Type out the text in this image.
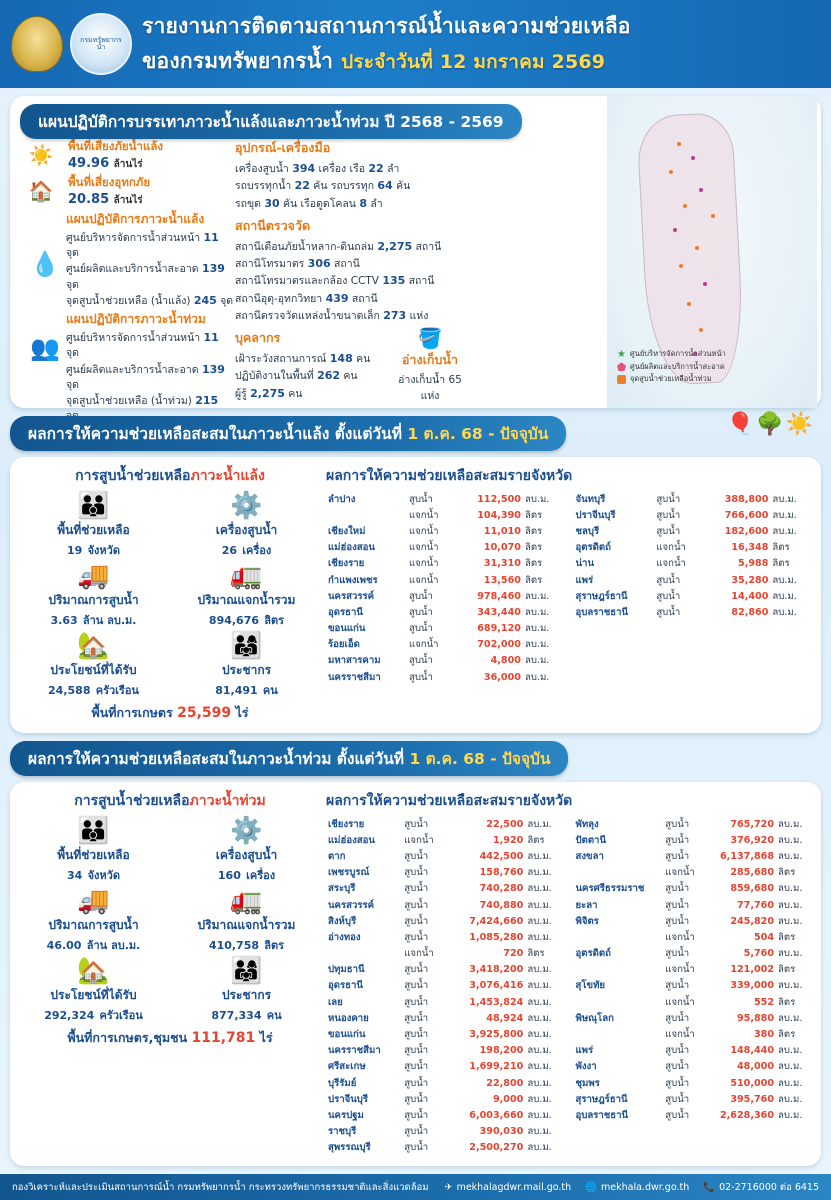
กรมทรัพยากรน้ำ
รายงานการติดตามสถานการณ์น้ำและความช่วยเหลือ
ของกรมทรัพยากรน้ำ ประจำวันที่ 12 มกราคม 2569
แผนปฏิบัติการบรรเทาภาวะน้ำแล้งและภาวะน้ำท่วม ปี 2568 - 2569
★ ศูนย์บริหารจัดการน้ำส่วนหน้า
ศูนย์ผลิตและบริการน้ำสะอาด
จุดสูบน้ำช่วยเหลือน้ำท่วม
☀️	พื้นที่เสี่ยงภัยน้ำแล้ง
49.96 ล้านไร่
🏠	พื้นที่เสี่ยงอุทกภัย
20.85 ล้านไร่
แผนปฏิบัติการภาวะน้ำแล้ง
ศูนย์บริหารจัดการน้ำส่วนหน้า 11 จุด
ศูนย์ผลิตและบริการน้ำสะอาด 139 จุด
จุดสูบน้ำช่วยเหลือ (น้ำแล้ง) 245 จุด
แผนปฏิบัติการภาวะน้ำท่วม
ศูนย์บริหารจัดการน้ำส่วนหน้า 11 จุด
ศูนย์ผลิตและบริการน้ำสะอาด 139 จุด
จุดสูบน้ำช่วยเหลือ (น้ำท่วม) 215
💧
👥
อุปกรณ์-เครื่องมือ
เครื่องสูบน้ำ 394 เครื่อง เรือ 22 ลำ
รถบรรทุกน้ำ 22 คัน รถบรรทุก 64 คัน
รถขุด 30 คัน เรือดูดโคลน 8 ลำ
สถานีตรวจวัด
สถานีเตือนภัยน้ำหลาก-ดินถล่ม 2,275 สถานี
สถานีโทรมาตร 306 สถานี
สถานีโทรมาตรและกล้อง CCTV 135 สถานี
สถานีอุตุ-อุทกวิทยา 439 สถานี
สถานีตรวจวัดแหล่งน้ำขนาดเล็ก 273 แห่ง
บุคลากร
เฝ้าระวังสถานการณ์ 148 คน
ปฏิบัติงานในพื้นที่ 262 คน
ผู้รู้ 2,275 คน
🪣
อ่างเก็บน้ำ
อ่างเก็บน้ำ 65 แห่ง
ผลการให้ความช่วยเหลือสะสมในภาวะน้ำแล้ง ตั้งแต่วันที่ 1 ต.ค. 68 - ปัจจุบัน	🎈🌳☀️
การสูบน้ำช่วยเหลือภาวะน้ำแล้ง
👪
พื้นที่ช่วยเหลือ
19 จังหวัด
⚙️
เครื่องสูบน้ำ
26 เครื่อง
🚚
ปริมาณการสูบน้ำ
3.63 ล้าน ลบ.ม.
🚛
ปริมาณแจกน้ำรวม
894,676 ลิตร
🏡
ประโยชน์ที่ได้รับ
24,588 ครัวเรือน
👨‍👩‍👧
ประชากร
81,491 คน
พื้นที่การเกษตร 25,599 ไร่
ผลการให้ความช่วยเหลือสะสมรายจังหวัด
ลำปาง	สูบน้ำ	112,500	ลบ.ม.
	แจกน้ำ	104,390	ลิตร
เชียงใหม่	แจกน้ำ	11,010	ลิตร
แม่ฮ่องสอน	แจกน้ำ	10,070	ลิตร
เชียงราย	แจกน้ำ	31,310	ลิตร
กำแพงเพชร	แจกน้ำ	13,560	ลิตร
นครสวรรค์	สูบน้ำ	978,460	ลบ.ม.
อุดรธานี	สูบน้ำ	343,440	ลบ.ม.
ขอนแก่น	สูบน้ำ	689,120	ลบ.ม.
ร้อยเอ็ด	แจกน้ำ	702,000	ลบ.ม.
มหาสารคาม	สูบน้ำ	4,800	ลบ.ม.
นครราชสีมา	สูบน้ำ	36,000	ลบ.ม.
จันทบุรี	สูบน้ำ	388,800	ลบ.ม.
ปราจีนบุรี	สูบน้ำ	766,600	ลบ.ม.
ชลบุรี	สูบน้ำ	182,600	ลบ.ม.
อุตรดิตถ์	แจกน้ำ	16,348	ลิตร
น่าน	แจกน้ำ	5,988	ลิตร
แพร่	สูบน้ำ	35,280	ลบ.ม.
สุราษฎร์ธานี	สูบน้ำ	14,400	ลบ.ม.
อุบลราชธานี	สูบน้ำ	82,860	ลบ.ม.
ผลการให้ความช่วยเหลือสะสมในภาวะน้ำท่วม ตั้งแต่วันที่ 1 ต.ค. 68 - ปัจจุบัน
การสูบน้ำช่วยเหลือภาวะน้ำท่วม
👪
พื้นที่ช่วยเหลือ
34 จังหวัด
⚙️
เครื่องสูบน้ำ
160 เครื่อง
🚚
ปริมาณการสูบน้ำ
46.00 ล้าน ลบ.ม.
🚛
ปริมาณแจกน้ำรวม
410,758 ลิตร
🏡
ประโยชน์ที่ได้รับ
292,324 ครัวเรือน
👨‍👩‍👧
ประชากร
877,334 คน
พื้นที่การเกษตร,ชุมชน 111,781 ไร่
ผลการให้ความช่วยเหลือสะสมรายจังหวัด
เชียงราย	สูบน้ำ	22,500	ลบ.ม.
แม่ฮ่องสอน	แจกน้ำ	1,920	ลิตร
ตาก	สูบน้ำ	442,500	ลบ.ม.
เพชรบูรณ์	สูบน้ำ	158,760	ลบ.ม.
สระบุรี	สูบน้ำ	740,280	ลบ.ม.
นครสวรรค์	สูบน้ำ	740,880	ลบ.ม.
สิงห์บุรี	สูบน้ำ	7,424,660	ลบ.ม.
อ่างทอง	สูบน้ำ	1,085,280	ลบ.ม.
	แจกน้ำ	720	ลิตร
ปทุมธานี	สูบน้ำ	3,418,200	ลบ.ม.
อุดรธานี	สูบน้ำ	3,076,416	ลบ.ม.
เลย	สูบน้ำ	1,453,824	ลบ.ม.
หนองคาย	สูบน้ำ	48,924	ลบ.ม.
ขอนแก่น	สูบน้ำ	3,925,800	ลบ.ม.
นครราชสีมา	สูบน้ำ	198,200	ลบ.ม.
ศรีสะเกษ	สูบน้ำ	1,699,210	ลบ.ม.
บุรีรัมย์	สูบน้ำ	22,800	ลบ.ม.
ปราจีนบุรี	สูบน้ำ	9,000	ลบ.ม.
นครปฐม	สูบน้ำ	6,003,660	ลบ.ม.
ราชบุรี	สูบน้ำ	390,030	ลบ.ม.
สุพรรณบุรี	สูบน้ำ	2,500,270	ลบ.ม.
พัทลุง	สูบน้ำ	765,720	ลบ.ม.
ปัตตานี	สูบน้ำ	376,920	ลบ.ม.
สงขลา	สูบน้ำ	6,137,868	ลบ.ม.
	แจกน้ำ	285,680	ลิตร
นครศรีธรรมราช	สูบน้ำ	859,680	ลบ.ม.
ยะลา	สูบน้ำ	77,760	ลบ.ม.
พิจิตร	สูบน้ำ	245,820	ลบ.ม.
	แจกน้ำ	504	ลิตร
อุตรดิตถ์	สูบน้ำ	5,760	ลบ.ม.
	แจกน้ำ	121,002	ลิตร
สุโขทัย	สูบน้ำ	339,000	ลบ.ม.
	แจกน้ำ	552	ลิตร
พิษณุโลก	สูบน้ำ	95,880	ลบ.ม.
	แจกน้ำ	380	ลิตร
แพร่	สูบน้ำ	148,440	ลบ.ม.
พังงา	สูบน้ำ	48,000	ลบ.ม.
ชุมพร	สูบน้ำ	510,000	ลบ.ม.
สุราษฎร์ธานี	สูบน้ำ	395,760	ลบ.ม.
อุบลราชธานี	สูบน้ำ	2,628,360	ลบ.ม.
กองวิเคราะห์และประเมินสถานการณ์น้ำ กรมทรัพยากรน้ำ กระทรวงทรัพยากรธรรมชาติและสิ่งแวดล้อม ✈ mekhalagdwr.mail.go.th 🌐 mekhala.dwr.go.th 📞 02-2716000 ต่อ 6415
